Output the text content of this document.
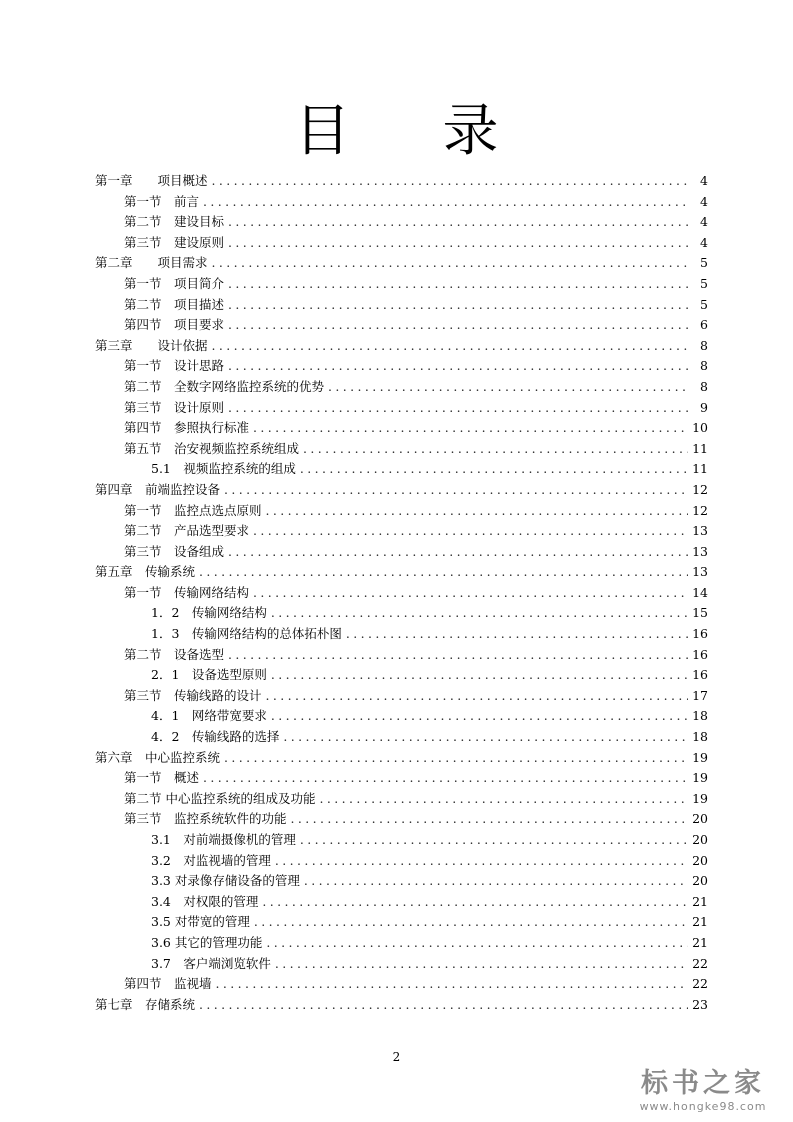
目 录
第一章　　项目概述 .....	4
第一节　前言 .....	4
第二节　建设目标 .....	4
第三节　建设原则 .....	4
第二章　　项目需求 .....	5
第一节　项目简介 .....	5
第二节　项目描述 .....	5
第四节　项目要求 .....	6
第三章　　设计依据 .....	8
第一节　设计思路 .....	8
第二节　全数字网络监控系统的优势 .....	8
第三节　设计原则 .....	9
第四节　参照执行标准 .....	10
第五节　治安视频监控系统组成 .....	11
5.1　视频监控系统的组成 .....	11
第四章　前端监控设备 .....	12
第一节　监控点选点原则 .....	12
第二节　产品选型要求 .....	13
第三节　设备组成 .....	13
第五章　传输系统 .....	13
第一节　传输网络结构 .....	14
1．2　传输网络结构 .....	15
1．3　传输网络结构的总体拓朴图 .....	16
第二节　设备选型 .....	16
2．1　设备选型原则 .....	16
第三节　传输线路的设计 .....	17
4．1　网络带宽要求 .....	18
4．2　传输线路的选择 .....	18
第六章　中心监控系统 .....	19
第一节　概述 .....	19
第二节 中心监控系统的组成及功能 .....	19
第三节　监控系统软件的功能 .....	20
3.1　对前端摄像机的管理 .....	20
3.2　对监视墙的管理 .....	20
3.3 对录像存储设备的管理 .....	20
3.4　对权限的管理 .....	21
3.5 对带宽的管理 .....	21
3.6 其它的管理功能 .....	21
3.7　客户端浏览软件 .....	22
第四节　监视墙 .....	22
第七章　存储系统 .....	23
2
标书之家
www.hongke98.com
